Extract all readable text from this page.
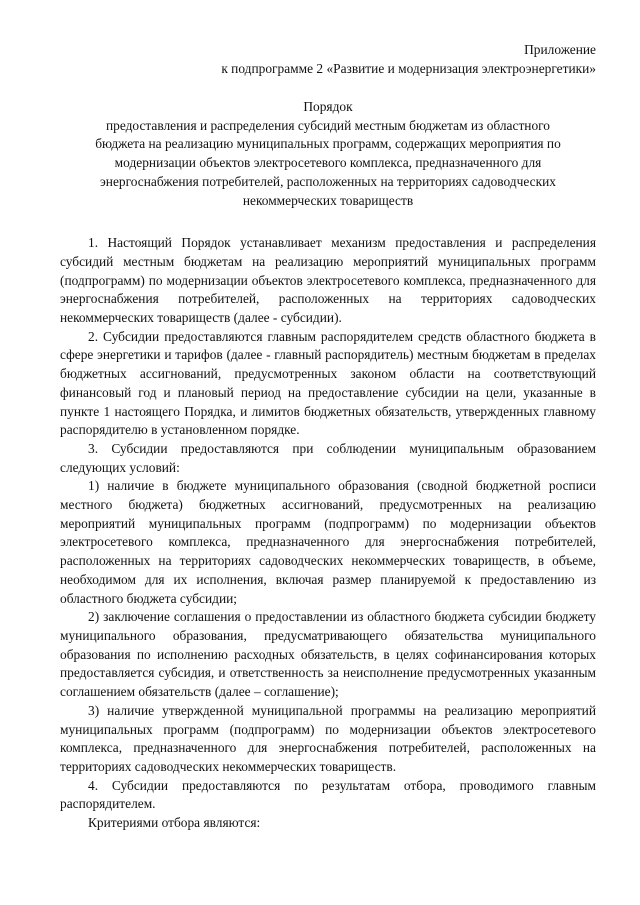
Приложение
к подпрограмме 2 «Развитие и модернизация электроэнергетики»
Порядок
предоставления и распределения субсидий местным бюджетам из областного
бюджета на реализацию муниципальных программ, содержащих мероприятия по
модернизации объектов электросетевого комплекса, предназначенного для
энергоснабжения потребителей, расположенных на территориях садоводческих
некоммерческих товариществ

1. Настоящий Порядок устанавливает механизм предоставления и распределения субсидий местным бюджетам на реализацию мероприятий муниципальных программ (подпрограмм) по модернизации объектов электросетевого комплекса, предназначенного для энергоснабжения потребителей, расположенных на территориях садоводческих некоммерческих товариществ (далее - субсидии).

2. Субсидии предоставляются главным распорядителем средств областного бюджета в сфере энергетики и тарифов (далее - главный распорядитель) местным бюджетам в пределах бюджетных ассигнований, предусмотренных законом области на соответствующий финансовый год и плановый период на предоставление субсидии на цели, указанные в пункте 1 настоящего Порядка, и лимитов бюджетных обязательств, утвержденных главному распорядителю в установленном порядке.

3. Субсидии предоставляются при соблюдении муниципальным образованием следующих условий:

1) наличие в бюджете муниципального образования (сводной бюджетной росписи местного бюджета) бюджетных ассигнований, предусмотренных на реализацию мероприятий муниципальных программ (подпрограмм) по модернизации объектов электросетевого комплекса, предназначенного для энергоснабжения потребителей, расположенных на территориях садоводческих некоммерческих товариществ, в объеме, необходимом для их исполнения, включая размер планируемой к предоставлению из областного бюджета субсидии;

2) заключение соглашения о предоставлении из областного бюджета субсидии бюджету муниципального образования, предусматривающего обязательства муниципального образования по исполнению расходных обязательств, в целях софинансирования которых предоставляется субсидия, и ответственность за неисполнение предусмотренных указанным соглашением обязательств (далее – соглашение);

3) наличие утвержденной муниципальной программы на реализацию мероприятий муниципальных программ (подпрограмм) по модернизации объектов электросетевого комплекса, предназначенного для энергоснабжения потребителей, расположенных на территориях садоводческих некоммерческих товариществ.

4. Субсидии предоставляются по результатам отбора, проводимого главным распорядителем.

Критериями отбора являются:
